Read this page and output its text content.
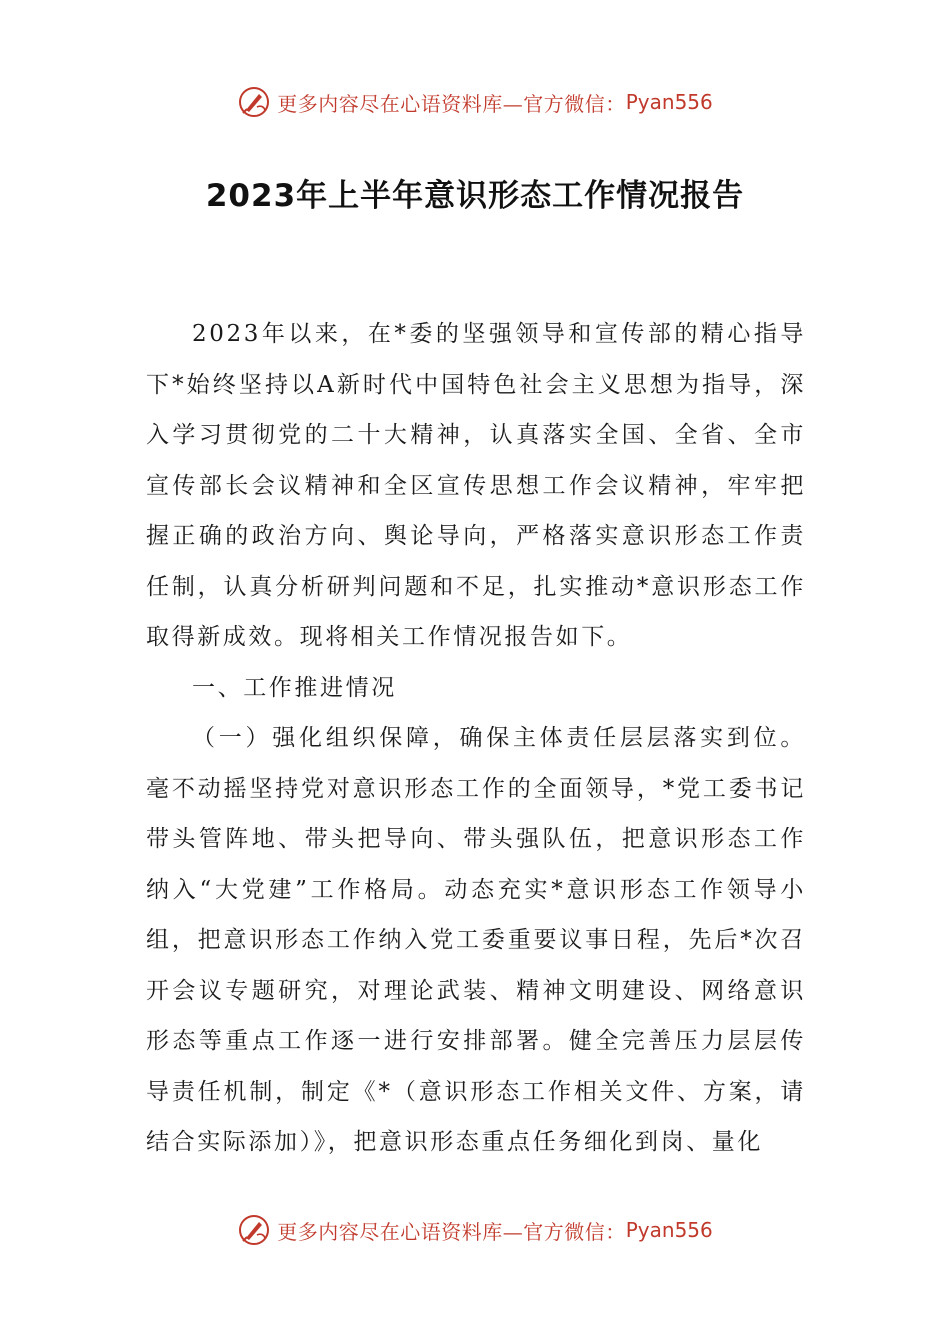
更多内容尽在心语资料库—官方微信： Pyan556
2023年上半年意识形态工作情况报告

2023年以来，在*委的坚强领导和宣传部的精心指导下*始终坚持以A新时代中国特色社会主义思想为指导，深入学习贯彻党的二十大精神，认真落实全国、全省、全市宣传部长会议精神和全区宣传思想工作会议精神，牢牢把握正确的政治方向、舆论导向，严格落实意识形态工作责任制，认真分析研判问题和不足，扎实推动*意识形态工作取得新成效。现将相关工作情况报告如下。

一、工作推进情况

（一）强化组织保障，确保主体责任层层落实到位。毫不动摇坚持党对意识形态工作的全面领导，*党工委书记带头管阵地、带头把导向、带头强队伍，把意识形态工作纳入“大党建”工作格局。动态充实*意识形态工作领导小组，把意识形态工作纳入党工委重要议事日程，先后*次召开会议专题研究，对理论武装、精神文明建设、网络意识形态等重点工作逐一进行安排部署。健全完善压力层层传导责任机制，制定《*（意识形态工作相关文件、方案，请结合实际添加）》，把意识形态重点任务细化到岗、量化

更多内容尽在心语资料库—官方微信： Pyan556
